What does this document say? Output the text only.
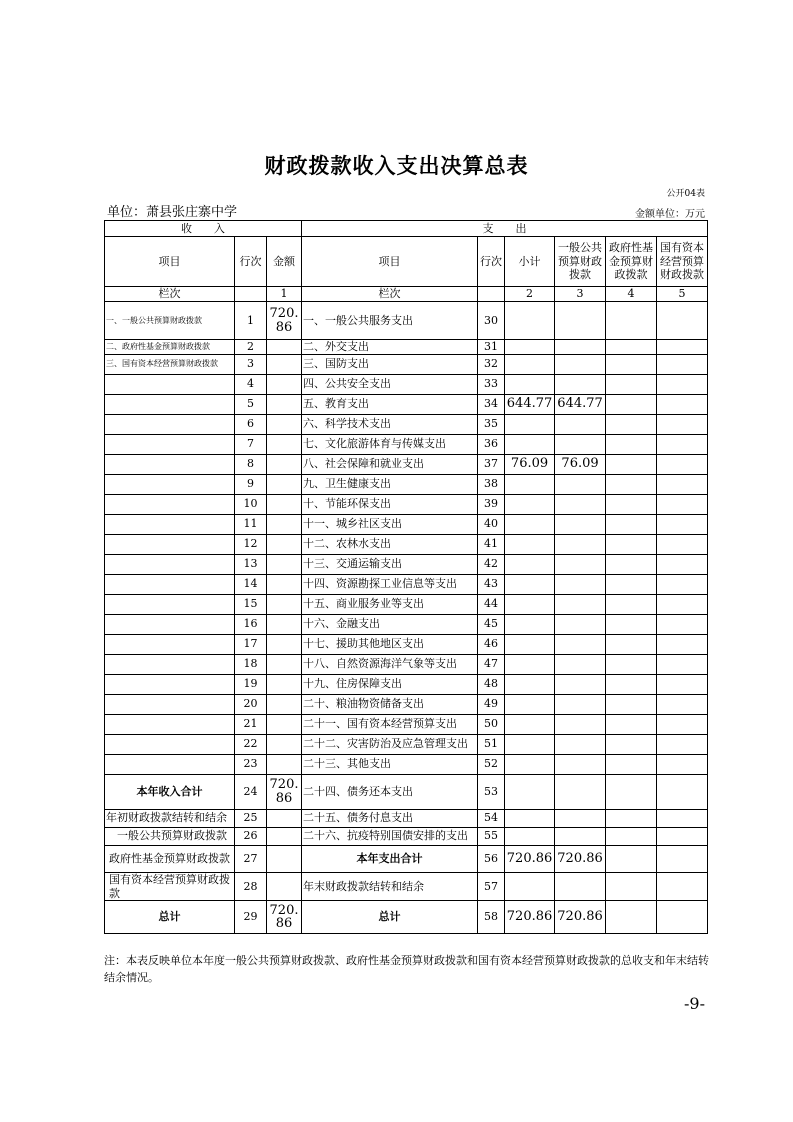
财政拨款收入支出决算总表
公开04表
单位：萧县张庄寨中学	金额单位：万元
收　　入			支　　出					
项目	行次	金额	项目	行次	小计	一般公共预算财政拨款	政府性基金预算财政拨款	国有资本经营预算财政拨款
栏次		1	栏次		2	3	4	5
一、一般公共预算财政拨款	1	720.86	一、一般公共服务支出	30				
二、政府性基金预算财政拨款	2		二、外交支出	31				
三、国有资本经营预算财政拨款	3		三、国防支出	32				
	4		四、公共安全支出	33				
	5		五、教育支出	34	644.77	644.77		
	6		六、科学技术支出	35				
	7		七、文化旅游体育与传媒支出	36				
	8		八、社会保障和就业支出	37	76.09	76.09		
	9		九、卫生健康支出	38				
	10		十、节能环保支出	39				
	11		十一、城乡社区支出	40				
	12		十二、农林水支出	41				
	13		十三、交通运输支出	42				
	14		十四、资源勘探工业信息等支出	43				
	15		十五、商业服务业等支出	44				
	16		十六、金融支出	45				
	17		十七、援助其他地区支出	46				
	18		十八、自然资源海洋气象等支出	47				
	19		十九、住房保障支出	48				
	20		二十、粮油物资储备支出	49				
	21		二十一、国有资本经营预算支出	50				
	22		二十二、灾害防治及应急管理支出	51				
	23		二十三、其他支出	52				
本年收入合计	24	720.86	二十四、债务还本支出	53				
年初财政拨款结转和结余	25		二十五、债务付息支出	54				
一般公共预算财政拨款	26		二十六、抗疫特别国债安排的支出	55				
政府性基金预算财政拨款	27		本年支出合计	56	720.86	720.86		
国有资本经营预算财政拨款	28		年末财政拨款结转和结余	57				
总计	29	720.86	总计	58	720.86	720.86		
注：本表反映单位本年度一般公共预算财政拨款、政府性基金预算财政拨款和国有资本经营预算财政拨款的总收支和年末结转结余情况。
-9-
